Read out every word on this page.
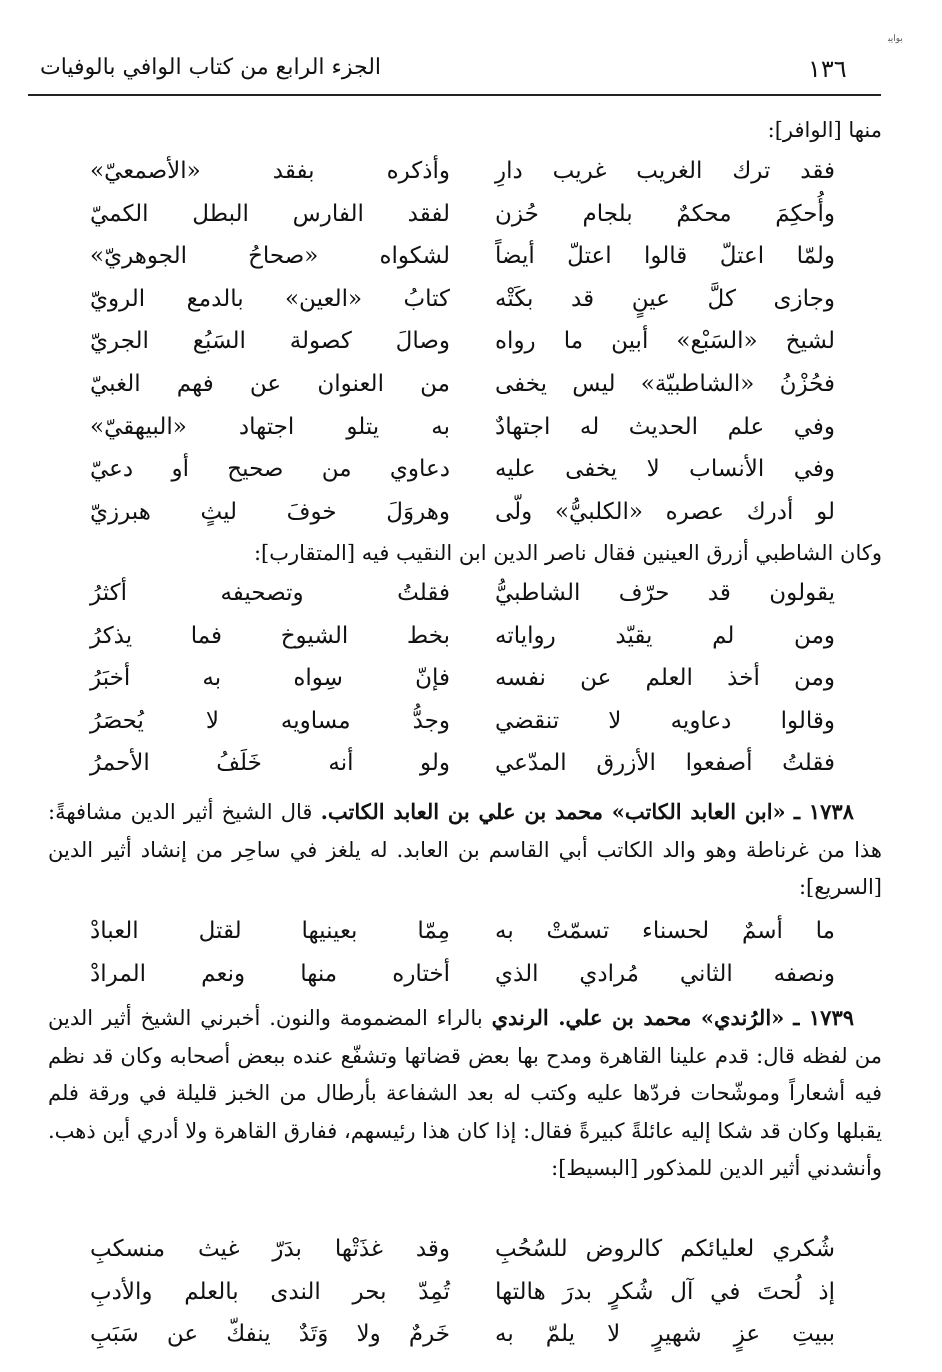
ﺑﻮﺍﻳﺒ
١٣٦
الجزء الرابع من كتاب الوافي بالوفيات
منها [الوافر]:
فقد ترك الغريب غريب دارِ
وأذكره بفقد «الأصمعيّ»
وأُحكِمَ محكمٌ بلجام حُزن
لفقد الفارس البطل الكميّ
ولمّا اعتلّ قالوا اعتلّ أيضاً
لشكواه «صحاحُ الجوهريّ»
وجازى كلَّ عينٍ قد بكَتْه
كتابُ «العين» بالدمع الرويّ
لشيخ «السَبْع» أبين ما رواه
وصالَ كصولة السَبُع الجريّ
فحُزْنُ «الشاطبيّة» ليس يخفى
من العنوان عن فهم الغبيّ
وفي علم الحديث له اجتهادٌ
به يتلو اجتهاد «البيهقيّ»
وفي الأنساب لا يخفى عليه
دعاوي من صحيح أو دعيّ
لو أدرك عصره «الكلبيُّ» ولّى
وهروَلَ خوفَ ليثٍ هبرزيّ
وكان الشاطبي أزرق العينين فقال ناصر الدين ابن النقيب فيه [المتقارب]:
يقولون قد حرّف الشاطبيُّ
فقلتُ وتصحيفه أكثرُ
ومن لم يقيّد رواياته
بخط الشيوخ فما يذكرُ
ومن أخذ العلم عن نفسه
فإنّ سِواه به أخبَرُ
وقالوا دعاويه لا تنقضي
وجدُّ مساويه لا يُحصَرُ
فقلتُ أصفعوا الأزرق المدّعي
ولو أنه خَلَفُ الأحمرُ
١٧٣٨ ـ «ابن العابد الكاتب» محمد بن علي بن العابد الكاتب. قال الشيخ أثير الدين مشافهةً: هذا من غرناطة وهو والد الكاتب أبي القاسم بن العابد. له يلغز في ساحِر من إنشاد أثير الدين [السريع]:
ما أسمٌ لحسناء تسمّتْ به
مِمّا بعينيها لقتل العبادْ
ونصفه الثاني مُرادي الذي
أختاره منها ونعم المرادْ
١٧٣٩ ـ «الرُندي» محمد بن علي. الرندي بالراء المضمومة والنون. أخبرني الشيخ أثير الدين من لفظه قال: قدم علينا القاهرة ومدح بها بعض قضاتها وتشفّع عنده ببعض أصحابه وكان قد نظم فيه أشعاراً وموشّحات فردّها عليه وكتب له بعد الشفاعة بأرطال من الخبز قليلة في ورقة فلم يقبلها وكان قد شكا إليه عائلةً كبيرةً فقال: إذا كان هذا رئيسهم، ففارق القاهرة ولا أدري أين ذهب. وأنشدني أثير الدين للمذكور [البسيط]:
شُكري لعليائكم كالروض للسُحُبِ
وقد غذَتْها بدَرّ غيث منسكبِ
إذ لُحتَ في آل شُكرٍ بدرَ هالتها
تُمِدّ بحر الندى بالعلم والأدبِ
ببيتِ عزٍ شهيرٍ لا يلمّ به
خَرمٌ ولا وَتَدٌ ينفكّ عن سَبَبِ
